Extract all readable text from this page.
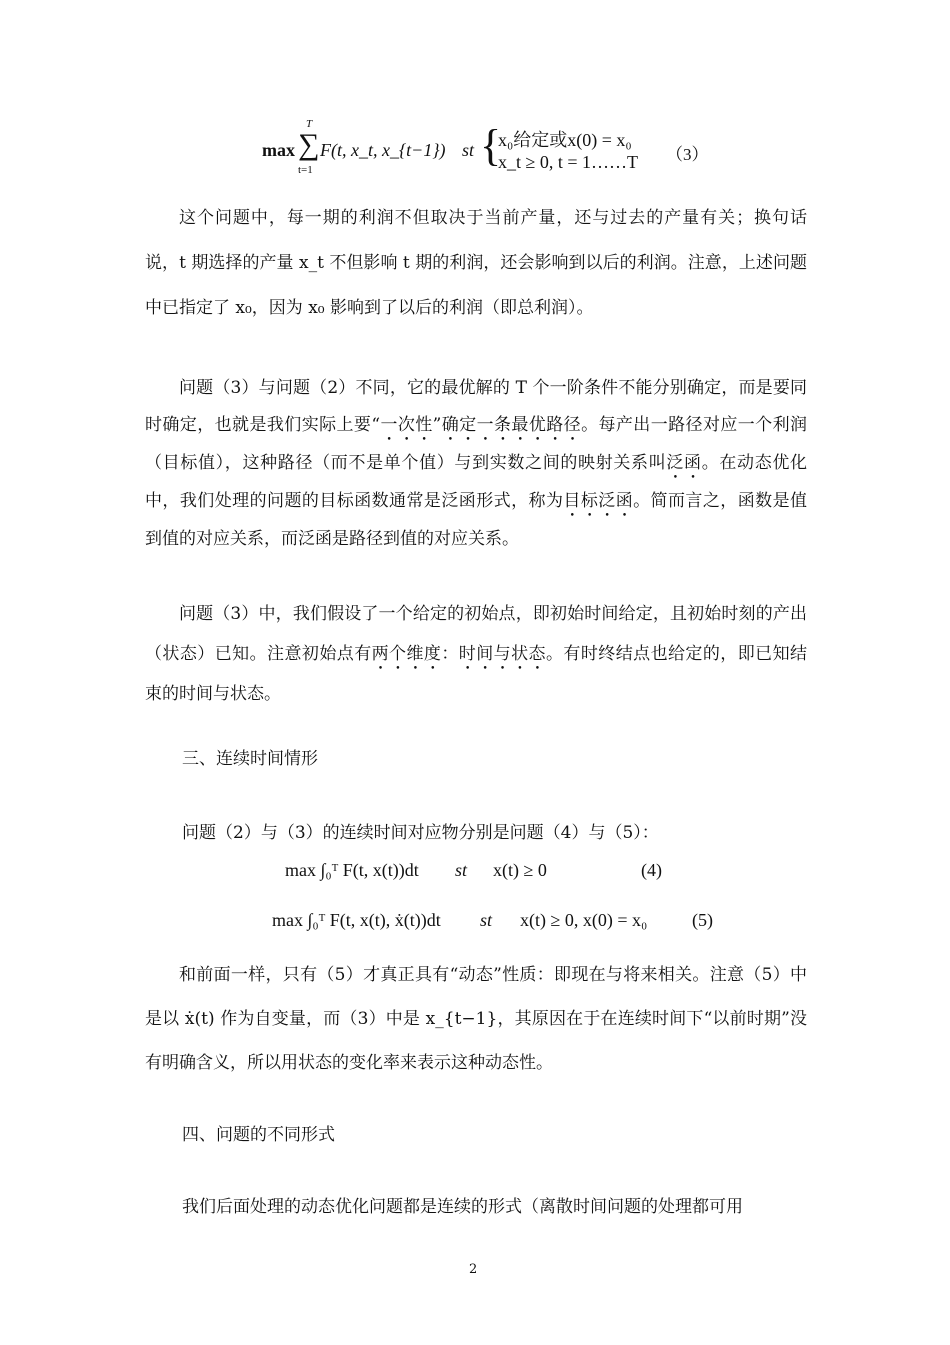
max
T
∑
t=1
F(t, x_t, x_{t−1}) st {
x₀给定或x(0) = x₀
x_t ≥ 0, t = 1……T （3）
这个问题中，每一期的利润不但取决于当前产量，还与过去的产量有关；换句话说，t 期选择的产量 x_t 不但影响 t 期的利润，还会影响到以后的利润。注意，上述问题中已指定了 x₀，因为 x₀ 影响到了以后的利润（即总利润）。
问题（3）与问题（2）不同，它的最优解的 T 个一阶条件不能分别确定，而是要同时确定，也就是我们实际上要“一次性”确定一条最优路径。每产出一路径对应一个利润（目标值），这种路径（而不是单个值）与到实数之间的映射关系叫泛函。在动态优化中，我们处理的问题的目标函数通常是泛函形式，称为目标泛函。简而言之，函数是值到值的对应关系，而泛函是路径到值的对应关系。
问题（3）中，我们假设了一个给定的初始点，即初始时间给定，且初始时刻的产出（状态）已知。注意初始点有两个维度：时间与状态。有时终结点也给定的，即已知结束的时间与状态。
三、连续时间情形
问题（2）与（3）的连续时间对应物分别是问题（4）与（5）：
max ∫₀ᵀ F(t, x(t))dt st x(t) ≥ 0	(4)
max ∫₀ᵀ F(t, x(t), ẋ(t))dt st x(t) ≥ 0, x(0) = x₀ (5)
和前面一样，只有（5）才真正具有“动态”性质：即现在与将来相关。注意（5）中是以 ẋ(t) 作为自变量，而（3）中是 x_{t−1}，其原因在于在连续时间下“以前时期”没有明确含义，所以用状态的变化率来表示这种动态性。
四、问题的不同形式
我们后面处理的动态优化问题都是连续的形式（离散时间问题的处理都可用
2
